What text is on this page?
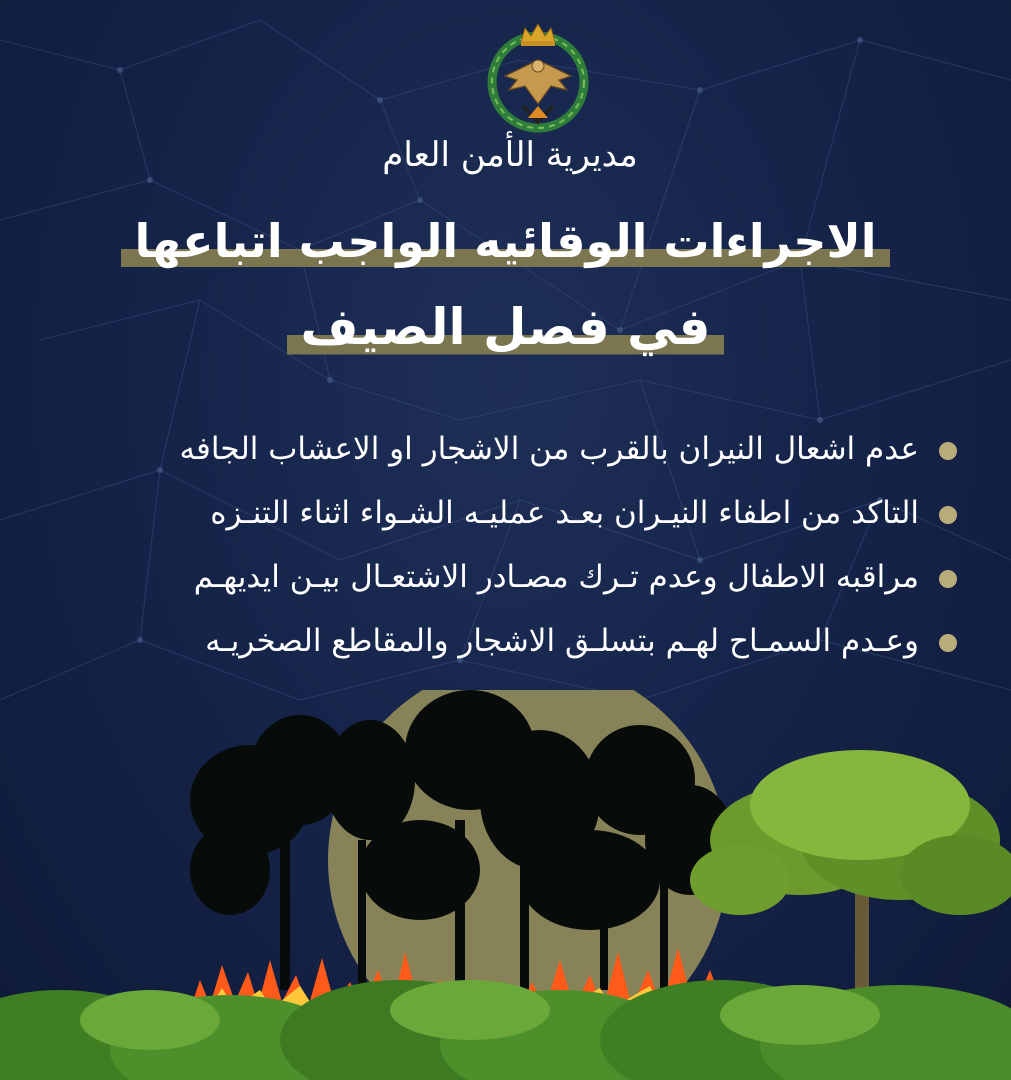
مديرية الأمن العام
الاجراءات الوقائيه الواجب اتباعها
في فصل الصيف
عدم اشعال النيران بالقرب من الاشجار او الاعشاب الجافه
التاكد من اطفاء النيـران بعـد عمليـه الشـواء اثناء التنـزه
مراقبه الاطفال وعدم تـرك مصـادر الاشتعـال بيـن ايديهـم
وعـدم السمـاح لهـم بتسلـق الاشجار والمقاطع الصخريـه
